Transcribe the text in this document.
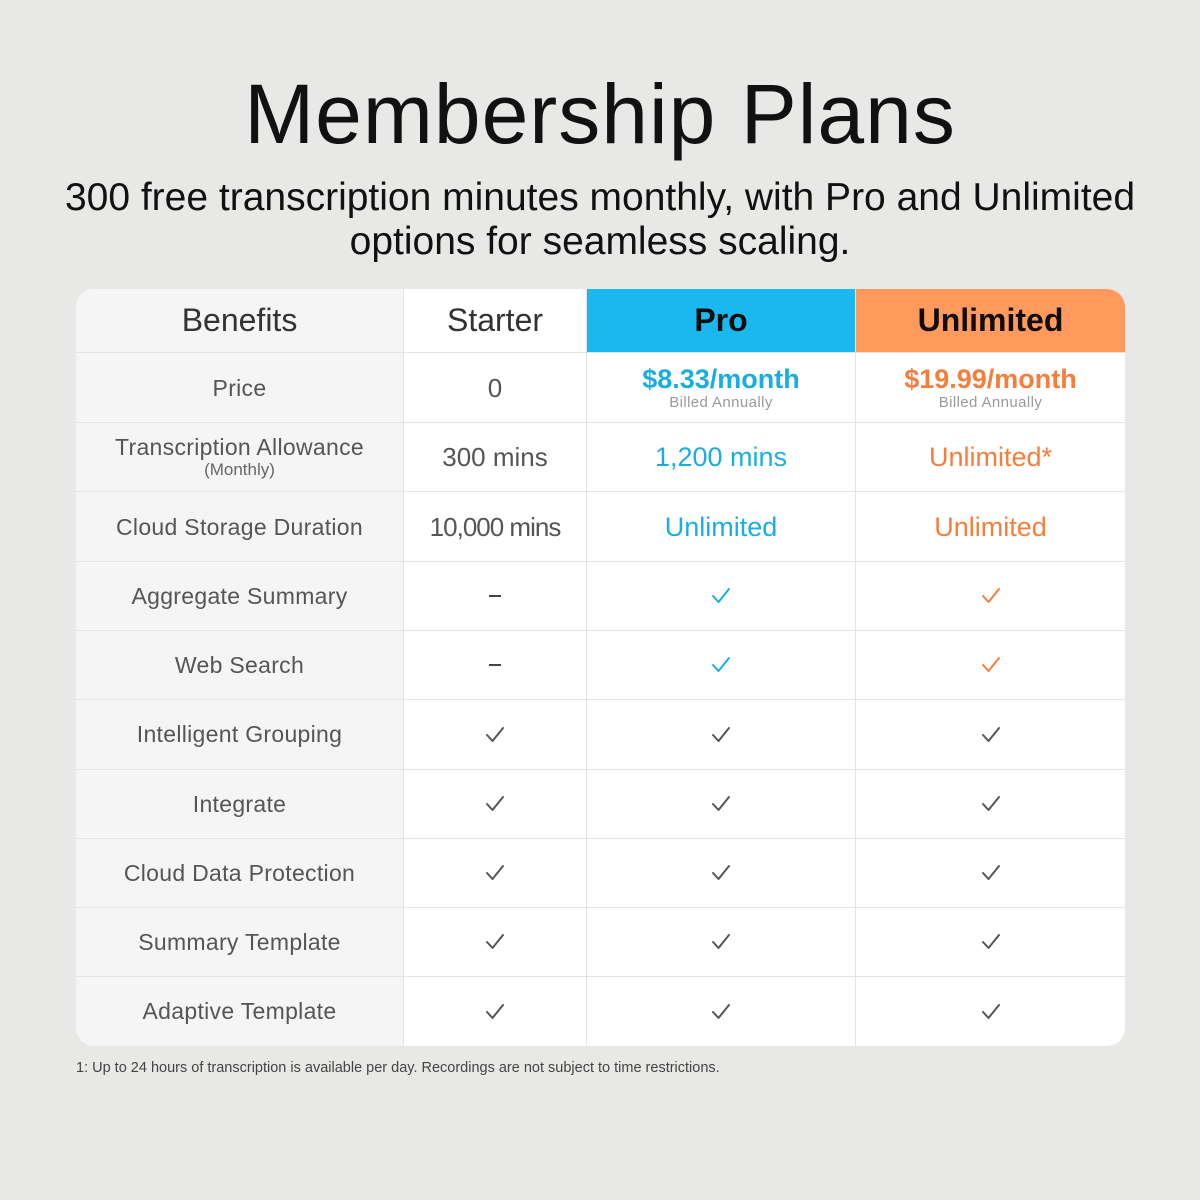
Membership Plans
300 free transcription minutes monthly, with Pro and Unlimited options for seamless scaling.
Benefits
Price
Transcription Allowance
(Monthly)
Cloud Storage Duration
Aggregate Summary
Web Search
Intelligent Grouping
Integrate
Cloud Data Protection
Summary Template
Adaptive Template
Starter
0
300 mins
10,000 mins
Pro
$8.33/month
Billed Annually
1,200 mins
Unlimited
Unlimited
$19.99/month
Billed Annually
Unlimited*
Unlimited
1: Up to 24 hours of transcription is available per day. Recordings are not subject to time restrictions.
